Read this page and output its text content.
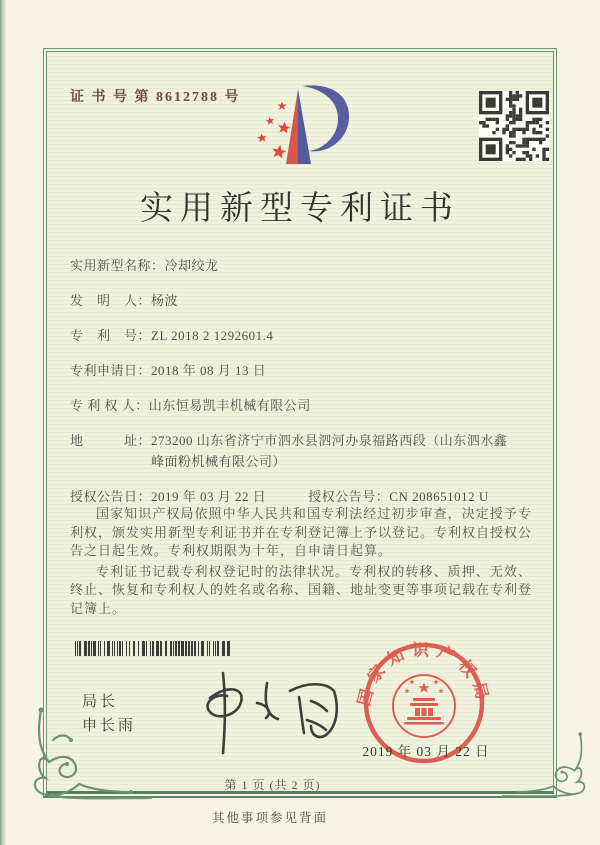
证 书 号 第 8612788 号
实用新型专利证书
实用新型名称： 冷却绞龙
发　明　人： 杨波
专　利　号： ZL 2018 2 1292601.4
专利申请日： 2018 年 08 月 13 日
专 利 权 人： 山东恒易凯丰机械有限公司
地　　　址： 273200 山东省济宁市泗水县泗河办泉福路西段（山东泗水鑫峰面粉机械有限公司）
授权公告日： 2019 年 03 月 22 日	授权公告号： CN 208651012 U

国家知识产权局依照中华人民共和国专利法经过初步审查，决定授予专利权，颁发实用新型专利证书并在专利登记簿上予以登记。专利权自授权公告之日起生效。专利权期限为十年，自申请日起算。

专利证书记载专利权登记时的法律状况。专利权的转移、质押、无效、终止、恢复和专利权人的姓名或名称、国籍、地址变更等事项记载在专利登记簿上。

局长
申长雨
国家知识产权局
2019 年 03 月 22 日
第 1 页 (共 2 页)
其他事项参见背面
